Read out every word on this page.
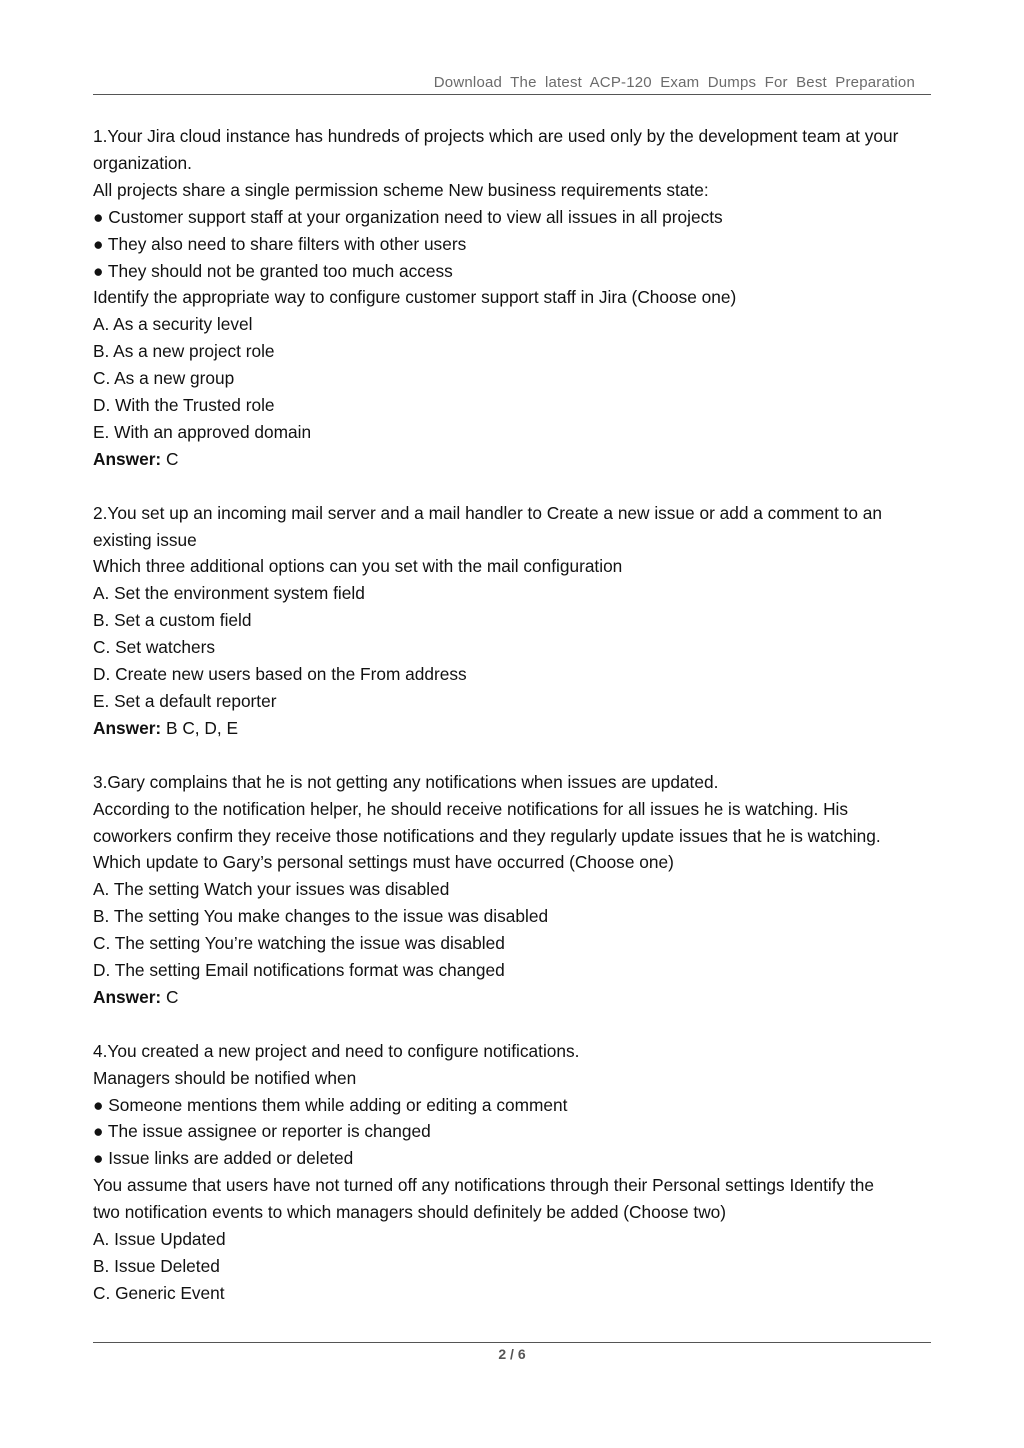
Download The latest ACP-120 Exam Dumps For Best Preparation
1.Your Jira cloud instance has hundreds of projects which are used only by the development team at your
organization.
All projects share a single permission scheme New business requirements state:
● Customer support staff at your organization need to view all issues in all projects
● They also need to share filters with other users
● They should not be granted too much access
Identify the appropriate way to configure customer support staff in Jira (Choose one)
A. As a security level
B. As a new project role
C. As a new group
D. With the Trusted role
E. With an approved domain
Answer: C
2.You set up an incoming mail server and a mail handler to Create a new issue or add a comment to an
existing issue
Which three additional options can you set with the mail configuration
A. Set the environment system field
B. Set a custom field
C. Set watchers
D. Create new users based on the From address
E. Set a default reporter
Answer: B C, D, E
3.Gary complains that he is not getting any notifications when issues are updated.
According to the notification helper, he should receive notifications for all issues he is watching. His
coworkers confirm they receive those notifications and they regularly update issues that he is watching.
Which update to Gary’s personal settings must have occurred (Choose one)
A. The setting Watch your issues was disabled
B. The setting You make changes to the issue was disabled
C. The setting You’re watching the issue was disabled
D. The setting Email notifications format was changed
Answer: C
4.You created a new project and need to configure notifications.
Managers should be notified when
● Someone mentions them while adding or editing a comment
● The issue assignee or reporter is changed
● Issue links are added or deleted
You assume that users have not turned off any notifications through their Personal settings Identify the
two notification events to which managers should definitely be added (Choose two)
A. Issue Updated
B. Issue Deleted
C. Generic Event
2 / 6
